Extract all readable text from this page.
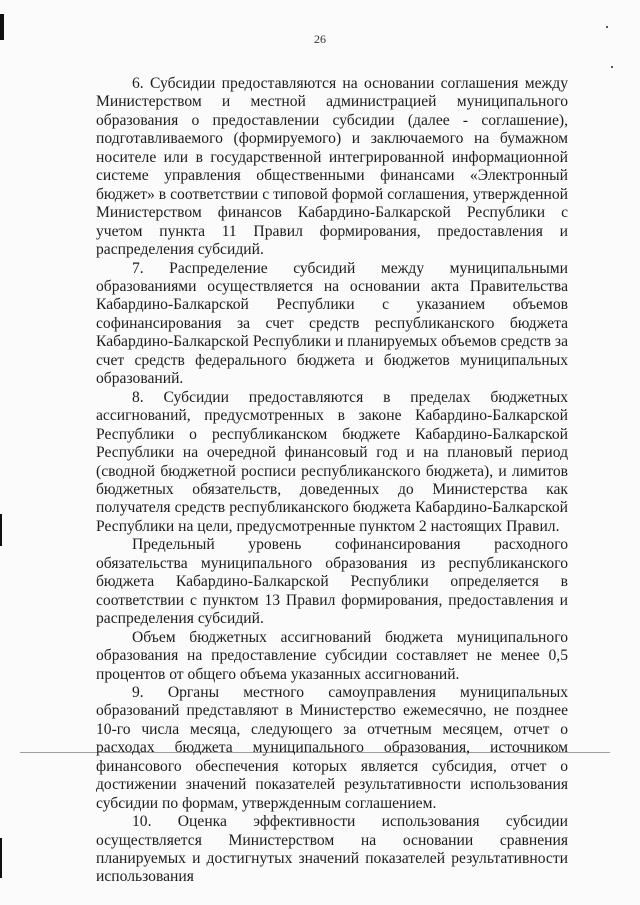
26

6. Субсидии предоставляются на основании соглашения между Министерством и местной администрацией муниципального образования о предоставлении субсидии (далее - соглашение), подготавливаемого (формируемого) и заключаемого на бумажном носителе или в государственной интегрированной информационной системе управления общественными финансами «Электронный бюджет» в соответствии с типовой формой соглашения, утвержденной Министерством финансов Кабардино-Балкарской Республики с учетом пункта 11 Правил формирования, предоставления и распределения субсидий.

7. Распределение субсидий между муниципальными образованиями осуществляется на основании акта Правительства Кабардино-Балкарской Республики с указанием объемов софинансирования за счет средств республиканского бюджета Кабардино-Балкарской Республики и планируемых объемов средств за счет средств федерального бюджета и бюджетов муниципальных образований.

8. Субсидии предоставляются в пределах бюджетных ассигнований, предусмотренных в законе Кабардино-Балкарской Республики о республиканском бюджете Кабардино-Балкарской Республики на очередной финансовый год и на плановый период (сводной бюджетной росписи республиканского бюджета), и лимитов бюджетных обязательств, доведенных до Министерства как получателя средств республиканского бюджета Кабардино-Балкарской Республики на цели, предусмотренные пунктом 2 настоящих Правил.

Предельный уровень софинансирования расходного обязательства муниципального образования из республиканского бюджета Кабардино-Балкарской Республики определяется в соответствии с пунктом 13 Правил формирования, предоставления и распределения субсидий.

Объем бюджетных ассигнований бюджета муниципального образования на предоставление субсидии составляет не менее 0,5 процентов от общего объема указанных ассигнований.

9. Органы местного самоуправления муниципальных образований представляют в Министерство ежемесячно, не позднее 10-го числа месяца, следующего за отчетным месяцем, отчет о расходах бюджета муниципального образования, источником финансового обеспечения которых является субсидия, отчет о достижении значений показателей результативности использования субсидии по формам, утвержденным соглашением.

10. Оценка эффективности использования субсидии осуществляется Министерством на основании сравнения планируемых и достигнутых значений показателей результативности использования
